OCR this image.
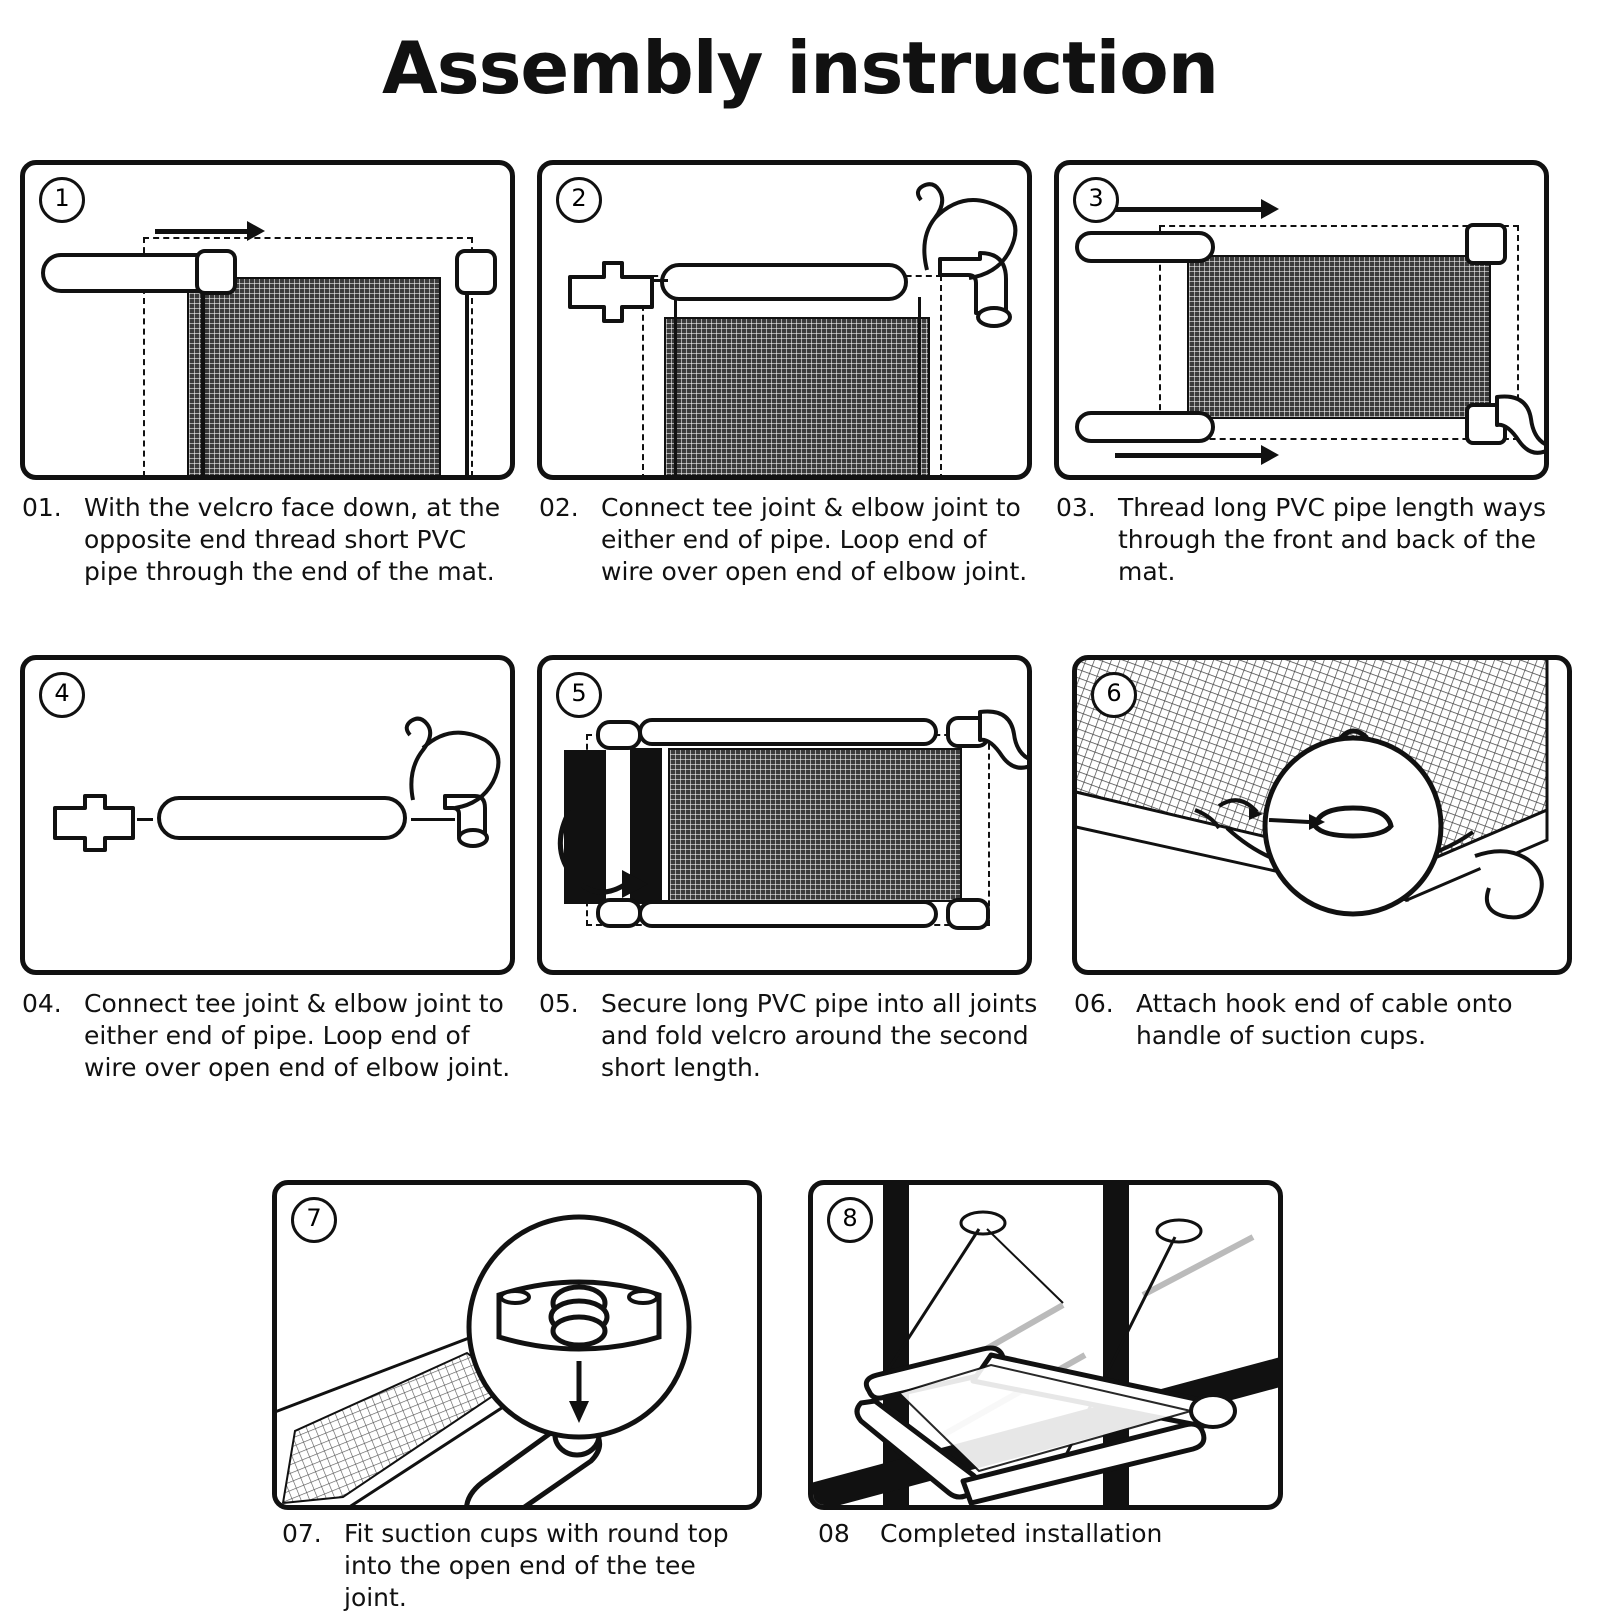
Assembly instruction
1
01. With the velcro face down, at the opposite end thread short PVC pipe through the end of the mat.
2
02. Connect tee joint & elbow joint to either end of pipe. Loop end of wire over open end of elbow joint.
3
03. Thread long PVC pipe length ways through the front and back of the mat.
4
04. Connect tee joint & elbow joint to either end of pipe. Loop end of wire over open end of elbow joint.
5
05. Secure long PVC pipe into all joints and fold velcro around the second short length.
6
06. Attach hook end of cable onto handle of suction cups.
7
07. Fit suction cups with round top into the open end of the tee joint.
8
08 Completed installation
